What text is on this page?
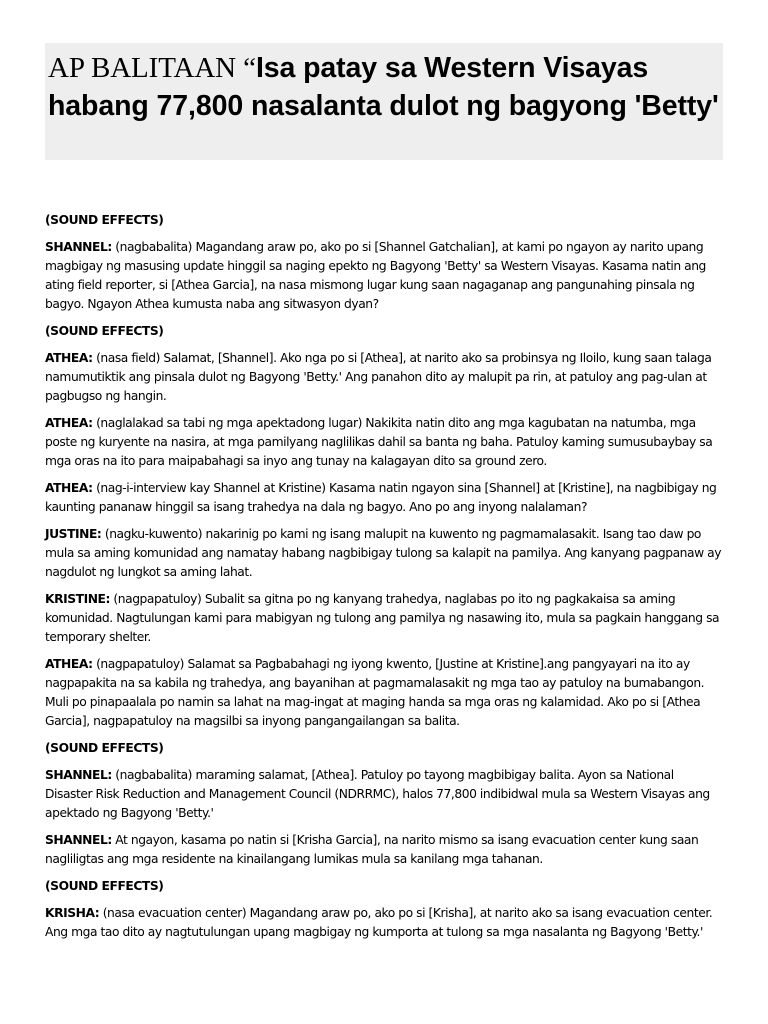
AP BALITAAN “Isa patay sa Western Visayas habang 77,800 nasalanta dulot ng bagyong 'Betty'

(SOUND EFFECTS)

SHANNEL: (nagbabalita) Magandang araw po, ako po si [Shannel Gatchalian], at kami po ngayon ay narito upang magbigay ng masusing update hinggil sa naging epekto ng Bagyong 'Betty' sa Western Visayas. Kasama natin ang ating field reporter, si [Athea Garcia], na nasa mismong lugar kung saan nagaganap ang pangunahing pinsala ng bagyo. Ngayon Athea kumusta naba ang sitwasyon dyan?

(SOUND EFFECTS)

ATHEA: (nasa field) Salamat, [Shannel]. Ako nga po si [Athea], at narito ako sa probinsya ng Iloilo, kung saan talaga namumutiktik ang pinsala dulot ng Bagyong 'Betty.' Ang panahon dito ay malupit pa rin, at patuloy ang pag-ulan at pagbugso ng hangin.

ATHEA: (naglalakad sa tabi ng mga apektadong lugar) Nakikita natin dito ang mga kagubatan na natumba, mga poste ng kuryente na nasira, at mga pamilyang naglilikas dahil sa banta ng baha. Patuloy kaming sumusubaybay sa mga oras na ito para maipabahagi sa inyo ang tunay na kalagayan dito sa ground zero.

ATHEA: (nag-i-interview kay Shannel at Kristine) Kasama natin ngayon sina [Shannel] at [Kristine], na nagbibigay ng kaunting pananaw hinggil sa isang trahedya na dala ng bagyo. Ano po ang inyong nalalaman?

JUSTINE: (nagku-kuwento) nakarinig po kami ng isang malupit na kuwento ng pagmamalasakit. Isang tao daw po mula sa aming komunidad ang namatay habang nagbibigay tulong sa kalapit na pamilya. Ang kanyang pagpanaw ay nagdulot ng lungkot sa aming lahat.

KRISTINE: (nagpapatuloy) Subalit sa gitna po ng kanyang trahedya, naglabas po ito ng pagkakaisa sa aming komunidad. Nagtulungan kami para mabigyan ng tulong ang pamilya ng nasawing ito, mula sa pagkain hanggang sa temporary shelter.

ATHEA: (nagpapatuloy) Salamat sa Pagbabahagi ng iyong kwento, [Justine at Kristine].ang pangyayari na ito ay nagpapakita na sa kabila ng trahedya, ang bayanihan at pagmamalasakit ng mga tao ay patuloy na bumabangon. Muli po pinapaalala po namin sa lahat na mag-ingat at maging handa sa mga oras ng kalamidad. Ako po si [Athea Garcia], nagpapatuloy na magsilbi sa inyong pangangailangan sa balita.

(SOUND EFFECTS)

SHANNEL: (nagbabalita) maraming salamat, [Athea]. Patuloy po tayong magbibigay balita. Ayon sa National Disaster Risk Reduction and Management Council (NDRRMC), halos 77,800 indibidwal mula sa Western Visayas ang apektado ng Bagyong 'Betty.'

SHANNEL: At ngayon, kasama po natin si [Krisha Garcia], na narito mismo sa isang evacuation center kung saan nagliligtas ang mga residente na kinailangang lumikas mula sa kanilang mga tahanan.

(SOUND EFFECTS)

KRISHA: (nasa evacuation center) Magandang araw po, ako po si [Krisha], at narito ako sa isang evacuation center. Ang mga tao dito ay nagtutulungan upang magbigay ng kumporta at tulong sa mga nasalanta ng Bagyong 'Betty.'
